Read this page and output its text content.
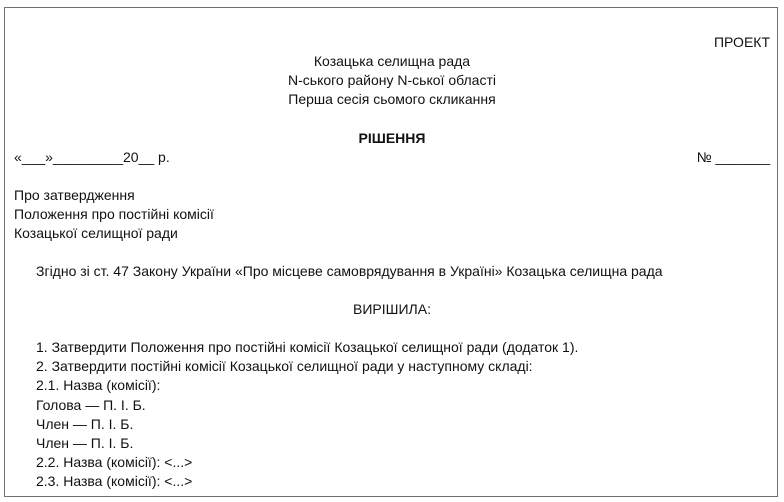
ПРОЕКТ
Козацька селищна рада
N-ського району N-ської області
Перша сесія сьомого скликання
РІШЕННЯ
«___»_________20__ р.	№ _______
Про затвердження
Положення про постійні комісії
Козацької селищної ради
Згідно зі ст. 47 Закону України «Про місцеве самоврядування в Україні» Козацька селищна рада
ВИРІШИЛА:
1. Затвердити Положення про постійні комісії Козацької селищної ради (додаток 1).
2. Затвердити постійні комісії Козацької селищної ради у наступному складі:
2.1. Назва (комісії):
Голова — П. І. Б.
Член — П. І. Б.
Член — П. І. Б.
2.2. Назва (комісії): <...>
2.3. Назва (комісії): <...>
